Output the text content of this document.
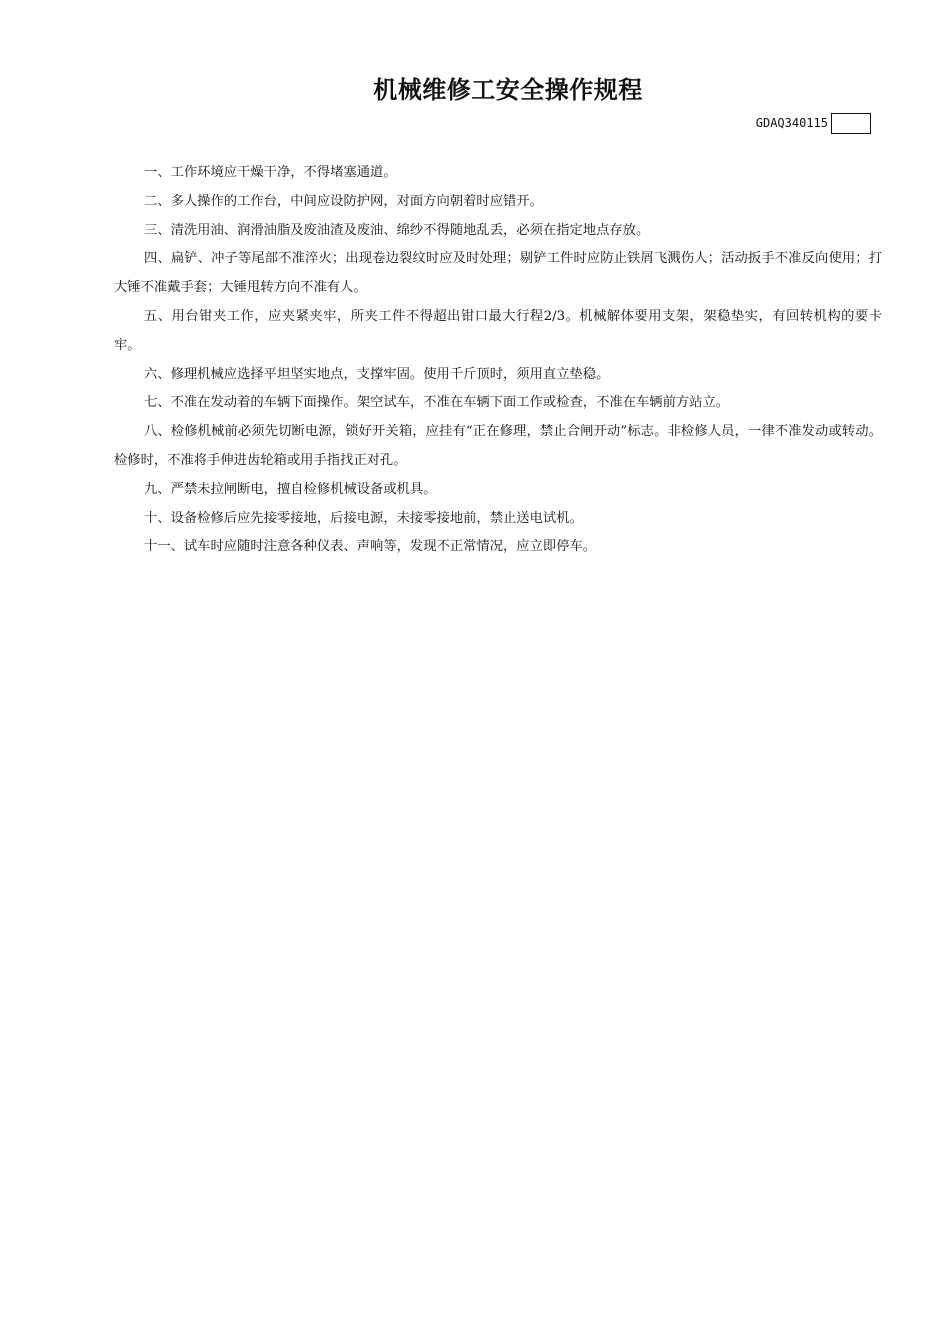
机械维修工安全操作规程
GDAQ340115

一、工作环境应干燥干净，不得堵塞通道。

二、多人操作的工作台，中间应设防护网，对面方向朝着时应错开。

三、清洗用油、润滑油脂及废油渣及废油、绵纱不得随地乱丢，必须在指定地点存放。

四、扁铲、冲子等尾部不准淬火；出现卷边裂纹时应及时处理；剔铲工件时应防止铁屑飞溅伤人；活动扳手不准反向使用；打大锤不准戴手套；大锤甩转方向不准有人。

五、用台钳夹工作，应夹紧夹牢，所夹工件不得超出钳口最大行程2/3。机械解体要用支架，架稳垫实，有回转机构的要卡牢。

六、修理机械应选择平坦坚实地点，支撑牢固。使用千斤顶时，须用直立垫稳。

七、不准在发动着的车辆下面操作。架空试车，不准在车辆下面工作或检查，不准在车辆前方站立。

八、检修机械前必须先切断电源，锁好开关箱，应挂有“正在修理，禁止合闸开动”标志。非检修人员，一律不准发动或转动。检修时，不准将手伸进齿轮箱或用手指找正对孔。

九、严禁未拉闸断电，擅自检修机械设备或机具。

十、设备检修后应先接零接地，后接电源，未接零接地前，禁止送电试机。

十一、试车时应随时注意各种仪表、声响等，发现不正常情况，应立即停车。
